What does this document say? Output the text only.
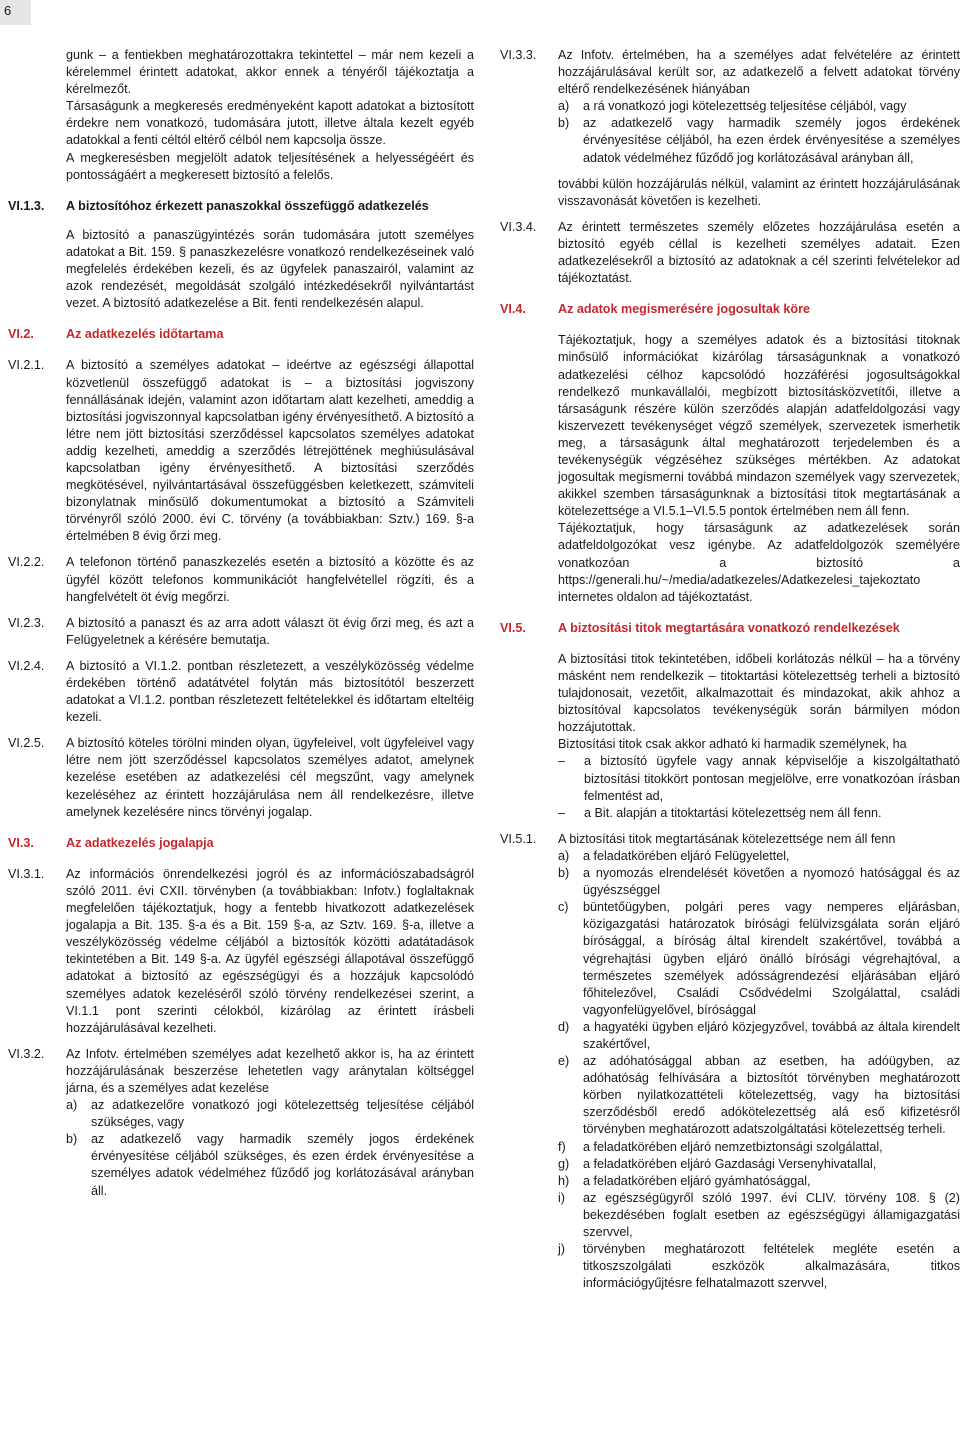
6

gunk – a fentiekben meghatározottakra tekintettel – már nem kezeli a kérelemmel érintett adatokat, akkor ennek a tényéről tájékoztatja a kérelmezőt.

Társaságunk a megkeresés eredményeként kapott adatokat a biztosított érdekre nem vonatkozó, tudomására jutott, illetve általa kezelt egyéb adatokkal a fenti céltól eltérő célból nem kapcsolja össze.

A megkeresésben megjelölt adatok teljesítésének a helyességéért és pontosságáért a megkeresett biztosító a felelős.

VI.1.3.	A biztosítóhoz érkezett panaszokkal összefüggő adatkezelés

A biztosító a panaszügyintézés során tudomására jutott személyes adatokat a Bit. 159. § panaszkezelésre vonatkozó rendelkezéseinek való megfelelés érdekében kezeli, és az ügyfelek panaszairól, valamint az azok rendezését, megoldását szolgáló intézkedésekről nyilvántartást vezet. A biztosító adatkezelése a Bit. fenti rendelkezésén alapul.

VI.2.	Az adatkezelés időtartama
VI.2.1.	A biztosító a személyes adatokat – ideértve az egészségi állapottal közvetlenül összefüggő adatokat is – a biztosítási jogviszony fennállásának idején, valamint azon időtartam alatt kezelheti, ameddig a biztosítási jogviszonnyal kapcsolatban igény érvényesíthető. A biztosító a létre nem jött biztosítási szerződéssel kapcsolatos személyes adatokat addig kezelheti, ameddig a szerződés létrejöttének meghiúsulásával kapcsolatban igény érvényesíthető. A biztosítási szerződés megkötésével, nyilvántartásával összefüggésben keletkezett, számviteli bizonylatnak minősülő dokumentumokat a biztosító a Számviteli törvényről szóló 2000. évi C. törvény (a továbbiakban: Sztv.) 169. §-a értelmében 8 évig őrzi meg.
VI.2.2.	A telefonon történő panaszkezelés esetén a biztosító a közötte és az ügyfél között telefonos kommunikációt hangfelvétellel rögzíti, és a hangfelvételt öt évig megőrzi.
VI.2.3.	A biztosító a panaszt és az arra adott választ öt évig őrzi meg, és azt a Felügyeletnek a kérésére bemutatja.
VI.2.4.	A biztosító a VI.1.2. pontban részletezett, a veszélyközösség védelme érdekében történő adatátvétel folytán más biztosítótól beszerzett adatokat a VI.1.2. pontban részletezett feltételekkel és időtartam elteltéig kezeli.
VI.2.5.	A biztosító köteles törölni minden olyan, ügyfeleivel, volt ügyfeleivel vagy létre nem jött szerződéssel kapcsolatos személyes adatot, amelynek kezelése esetében az adatkezelési cél megszűnt, vagy amelynek kezeléséhez az érintett hozzájárulása nem áll rendelkezésre, illetve amelynek kezelésére nincs törvényi jogalap.
VI.3.	Az adatkezelés jogalapja
VI.3.1.	Az információs önrendelkezési jogról és az információszabadságról szóló 2011. évi CXII. törvényben (a továbbiakban: Infotv.) foglaltaknak megfelelően tájékoztatjuk, hogy a fentebb hivatkozott adatkezelések jogalapja a Bit. 135. §-a és a Bit. 159 §-a, az Sztv. 169. §-a, illetve a veszélyközösség védelme céljából a biztosítók közötti adatátadások tekintetében a Bit. 149 §-a. Az ügyfél egészségi állapotával összefüggő adatokat a biztosító az egészségügyi és a hozzájuk kapcsolódó személyes adatok kezeléséről szóló törvény rendelkezései szerint, a VI.1.1 pont szerinti célokból, kizárólag az érintett írásbeli hozzájárulásával kezelheti.
VI.3.2.	Az Infotv. értelmében személyes adat kezelhető akkor is, ha az érintett hozzájárulásának beszerzése lehetetlen vagy aránytalan költséggel járna, és a személyes adat kezelése

a)	az adatkezelőre vonatkozó jogi kötelezettség teljesítése céljából szükséges, vagy
b)	az adatkezelő vagy harmadik személy jogos érdekének érvényesítése céljából szükséges, és ezen érdek érvényesítése a személyes adatok védelméhez fűződő jog korlátozásával arányban áll.
VI.3.3.	Az Infotv. értelmében, ha a személyes adat felvételére az érintett hozzájárulásával került sor, az adatkezelő a felvett adatokat törvény eltérő rendelkezésének hiányában

a)	a rá vonatkozó jogi kötelezettség teljesítése céljából, vagy
b)	az adatkezelő vagy harmadik személy jogos érdekének érvényesítése céljából, ha ezen érdek érvényesítése a személyes adatok védelméhez fűződő jog korlátozásával arányban áll,

további külön hozzájárulás nélkül, valamint az érintett hozzájárulásának visszavonását követően is kezelheti.

VI.3.4.	Az érintett természetes személy előzetes hozzájárulása esetén a biztosító egyéb céllal is kezelheti személyes adatait. Ezen adatkezelésekről a biztosító az adatoknak a cél szerinti felvételekor ad tájékoztatást.
VI.4.	Az adatok megismerésére jogosultak köre

Tájékoztatjuk, hogy a személyes adatok és a biztosítási titoknak minősülő információkat kizárólag társaságunknak a vonatkozó adatkezelési célhoz kapcsolódó hozzáférési jogosultságokkal rendelkező munkavállalói, megbízott biztosításközvetítői, illetve a társaságunk részére külön szerződés alapján adatfeldolgozási vagy kiszervezett tevékenységet végző személyek, szervezetek ismerhetik meg, a társaságunk által meghatározott terjedelemben és a tevékenységük végzéséhez szükséges mértékben. Az adatokat jogosultak megismerni továbbá mindazon személyek vagy szervezetek, akikkel szemben társaságunknak a biztosítási titok megtartásának a kötelezettsége a VI.5.1–VI.5.5 pontok értelmében nem áll fenn.

Tájékoztatjuk, hogy társaságunk az adatkezelések során adatfeldolgozókat vesz igénybe. Az adatfeldolgozók személyére vonatkozóan a biztosító a https://generali.hu/~/media/adatkezeles/Adatkezelesi_tajekoztato internetes oldalon ad tájékoztatást.

VI.5.	A biztosítási titok megtartására vonatkozó rendelkezések

A biztosítási titok tekintetében, időbeli korlátozás nélkül – ha a törvény másként nem rendelkezik – titoktartási kötelezettség terheli a biztosító tulajdonosait, vezetőit, alkalmazottait és mindazokat, akik ahhoz a biztosítóval kapcsolatos tevékenységük során bármilyen módon hozzájutottak.

Biztosítási titok csak akkor adható ki harmadik személynek, ha

–	a biztosító ügyfele vagy annak képviselője a kiszolgáltatható biztosítási titokkört pontosan megjelölve, erre vonatkozóan írásban felmentést ad,
–	a Bit. alapján a titoktartási kötelezettség nem áll fenn.
VI.5.1.	A biztosítási titok megtartásának kötelezettsége nem áll fenn

a)	a feladatkörében eljáró Felügyelettel,
b)	a nyomozás elrendelését követően a nyomozó hatósággal és az ügyészséggel
c)	büntetőügyben, polgári peres vagy nemperes eljárásban, közigazgatási határozatok bírósági felülvizsgálata során eljáró bírósággal, a bíróság által kirendelt szakértővel, továbbá a végrehajtási ügyben eljáró önálló bírósági végrehajtóval, a természetes személyek adósságrendezési eljárásában eljáró főhitelezővel, Családi Csődvédelmi Szolgálattal, családi vagyonfelügyelővel, bírósággal
d)	a hagyatéki ügyben eljáró közjegyzővel, továbbá az általa kirendelt szakértővel,
e)	az adóhatósággal abban az esetben, ha adóügyben, az adóhatóság felhívására a biztosítót törvényben meghatározott körben nyilatkozattételi kötelezettség, vagy ha biztosítási szerződésből eredő adókötelezettség alá eső kifizetésről törvényben meghatározott adatszolgáltatási kötelezettség terheli.
f)	a feladatkörében eljáró nemzetbiztonsági szolgálattal,
g)	a feladatkörében eljáró Gazdasági Versenyhivatallal,
h)	a feladatkörében eljáró gyámhatósággal,
i)	az egészségügyről szóló 1997. évi CLIV. törvény 108. § (2) bekezdésében foglalt esetben az egészségügyi államigazgatási szervvel,
j)	törvényben meghatározott feltételek megléte esetén a titkoszszolgálati eszközök alkalmazására, titkos információgyűjtésre felhatalmazott szervvel,
